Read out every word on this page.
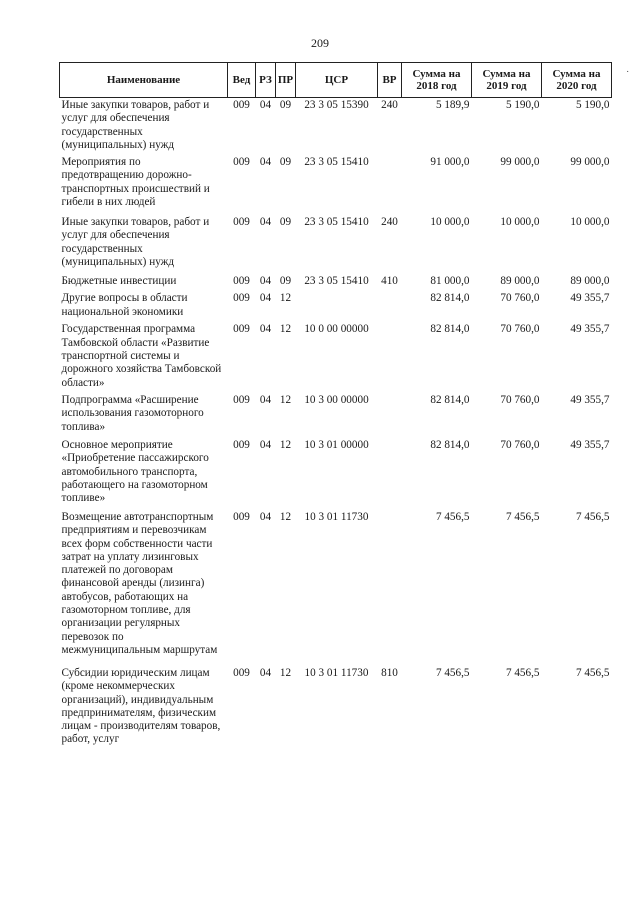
209
˙
Наименование	Вед	РЗ	ПР	ЦСР	ВР	Сумма на 2018 год	Сумма на 2019 год	Сумма на 2020 год
Иные закупки товаров, работ и услуг для обеспечения государственных (муниципальных) нужд	009	04	09	23 3 05 15390	240	5 189,9	5 190,0	5 190,0
Мероприятия по предотвращению дорожно-транспортных происшествий и гибели в них людей	009	04	09	23 3 05 15410		91 000,0	99 000,0	99 000,0
Иные закупки товаров, работ и услуг для обеспечения государственных (муниципальных) нужд	009	04	09	23 3 05 15410	240	10 000,0	10 000,0	10 000,0
Бюджетные инвестиции	009	04	09	23 3 05 15410	410	81 000,0	89 000,0	89 000,0
Другие вопросы в области национальной экономики	009	04	12			82 814,0	70 760,0	49 355,7
Государственная программа Тамбовской области «Развитие транспортной системы и дорожного хозяйства Тамбовской области»	009	04	12	10 0 00 00000		82 814,0	70 760,0	49 355,7
Подпрограмма «Расширение использования газомоторного топлива»	009	04	12	10 3 00 00000		82 814,0	70 760,0	49 355,7
Основное мероприятие «Приобретение пассажирского автомобильного транспорта, работающего на газомоторном топливе»	009	04	12	10 3 01 00000		82 814,0	70 760,0	49 355,7
Возмещение автотранспортным предприятиям и перевозчикам всех форм собственности части затрат на уплату лизинговых платежей по договорам финансовой аренды (лизинга) автобусов, работающих на газомоторном топливе, для организации регулярных перевозок по межмуниципальным маршрутам	009	04	12	10 3 01 11730		7 456,5	7 456,5	7 456,5
Субсидии юридическим лицам (кроме некоммерческих организаций), индивидуальным предпринимателям, физическим лицам - производителям товаров, работ, услуг	009	04	12	10 3 01 11730	810	7 456,5	7 456,5	7 456,5
